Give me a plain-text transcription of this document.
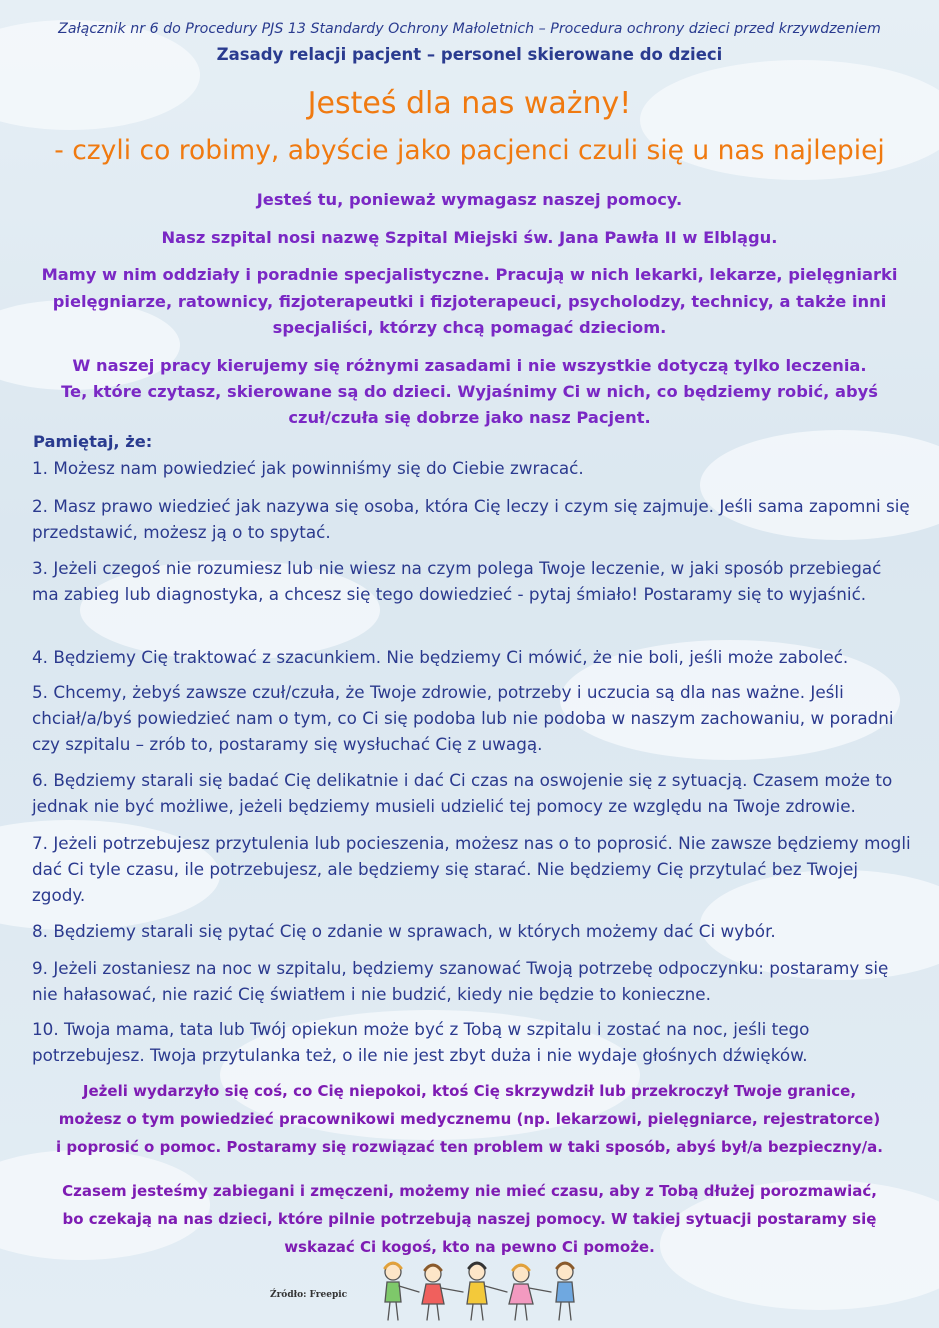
Załącznik nr 6 do Procedury PJS 13 Standardy Ochrony Małoletnich – Procedura ochrony dzieci przed krzywdzeniem
Zasady relacji pacjent – personel skierowane do dzieci
Jesteś dla nas ważny!
- czyli co robimy, abyście jako pacjenci czuli się u nas najlepiej
Jesteś tu, ponieważ wymagasz naszej pomocy.
Nasz szpital nosi nazwę Szpital Miejski św. Jana Pawła II w Elblągu.
Mamy w nim oddziały i poradnie specjalistyczne. Pracują w nich lekarki, lekarze, pielęgniarki
pielęgniarze, ratownicy, fizjoterapeutki i fizjoterapeuci, psycholodzy, technicy, a także inni
specjaliści, którzy chcą pomagać dzieciom.
W naszej pracy kierujemy się różnymi zasadami i nie wszystkie dotyczą tylko leczenia.
Te, które czytasz, skierowane są do dzieci. Wyjaśnimy Ci w nich, co będziemy robić, abyś
czuł/czuła się dobrze jako nasz Pacjent.
Pamiętaj, że:
1. Możesz nam powiedzieć jak powinniśmy się do Ciebie zwracać.
2. Masz prawo wiedzieć jak nazywa się osoba, która Cię leczy i czym się zajmuje. Jeśli sama zapomni się przedstawić, możesz ją o to spytać.
3. Jeżeli czegoś nie rozumiesz lub nie wiesz na czym polega Twoje leczenie, w jaki sposób przebiegać ma zabieg lub diagnostyka, a chcesz się tego dowiedzieć - pytaj śmiało! Postaramy się to wyjaśnić.
4. Będziemy Cię traktować z szacunkiem. Nie będziemy Ci mówić, że nie boli, jeśli może zaboleć.
5. Chcemy, żebyś zawsze czuł/czuła, że Twoje zdrowie, potrzeby i uczucia są dla nas ważne. Jeśli chciał/a/byś powiedzieć nam o tym, co Ci się podoba lub nie podoba w naszym zachowaniu, w poradni czy szpitalu – zrób to, postaramy się wysłuchać Cię z uwagą.
6. Będziemy starali się badać Cię delikatnie i dać Ci czas na oswojenie się z sytuacją. Czasem może to jednak nie być możliwe, jeżeli będziemy musieli udzielić tej pomocy ze względu na Twoje zdrowie.
7. Jeżeli potrzebujesz przytulenia lub pocieszenia, możesz nas o to poprosić. Nie zawsze będziemy mogli dać Ci tyle czasu, ile potrzebujesz, ale będziemy się starać. Nie będziemy Cię przytulać bez Twojej zgody.
8. Będziemy starali się pytać Cię o zdanie w sprawach, w których możemy dać Ci wybór.
9. Jeżeli zostaniesz na noc w szpitalu, będziemy szanować Twoją potrzebę odpoczynku: postaramy się nie hałasować, nie razić Cię światłem i nie budzić, kiedy nie będzie to konieczne.
10. Twoja mama, tata lub Twój opiekun może być z Tobą w szpitalu i zostać na noc, jeśli tego potrzebujesz. Twoja przytulanka też, o ile nie jest zbyt duża i nie wydaje głośnych dźwięków.
Jeżeli wydarzyło się coś, co Cię niepokoi, ktoś Cię skrzywdził lub przekroczył Twoje granice,
możesz o tym powiedzieć pracownikowi medycznemu (np. lekarzowi, pielęgniarce, rejestratorce)
i poprosić o pomoc. Postaramy się rozwiązać ten problem w taki sposób, abyś był/a bezpieczny/a.
Czasem jesteśmy zabiegani i zmęczeni, możemy nie mieć czasu, aby z Tobą dłużej porozmawiać,
bo czekają na nas dzieci, które pilnie potrzebują naszej pomocy. W takiej sytuacji postaramy się
wskazać Ci kogoś, kto na pewno Ci pomoże.
Źródło: Freepic
